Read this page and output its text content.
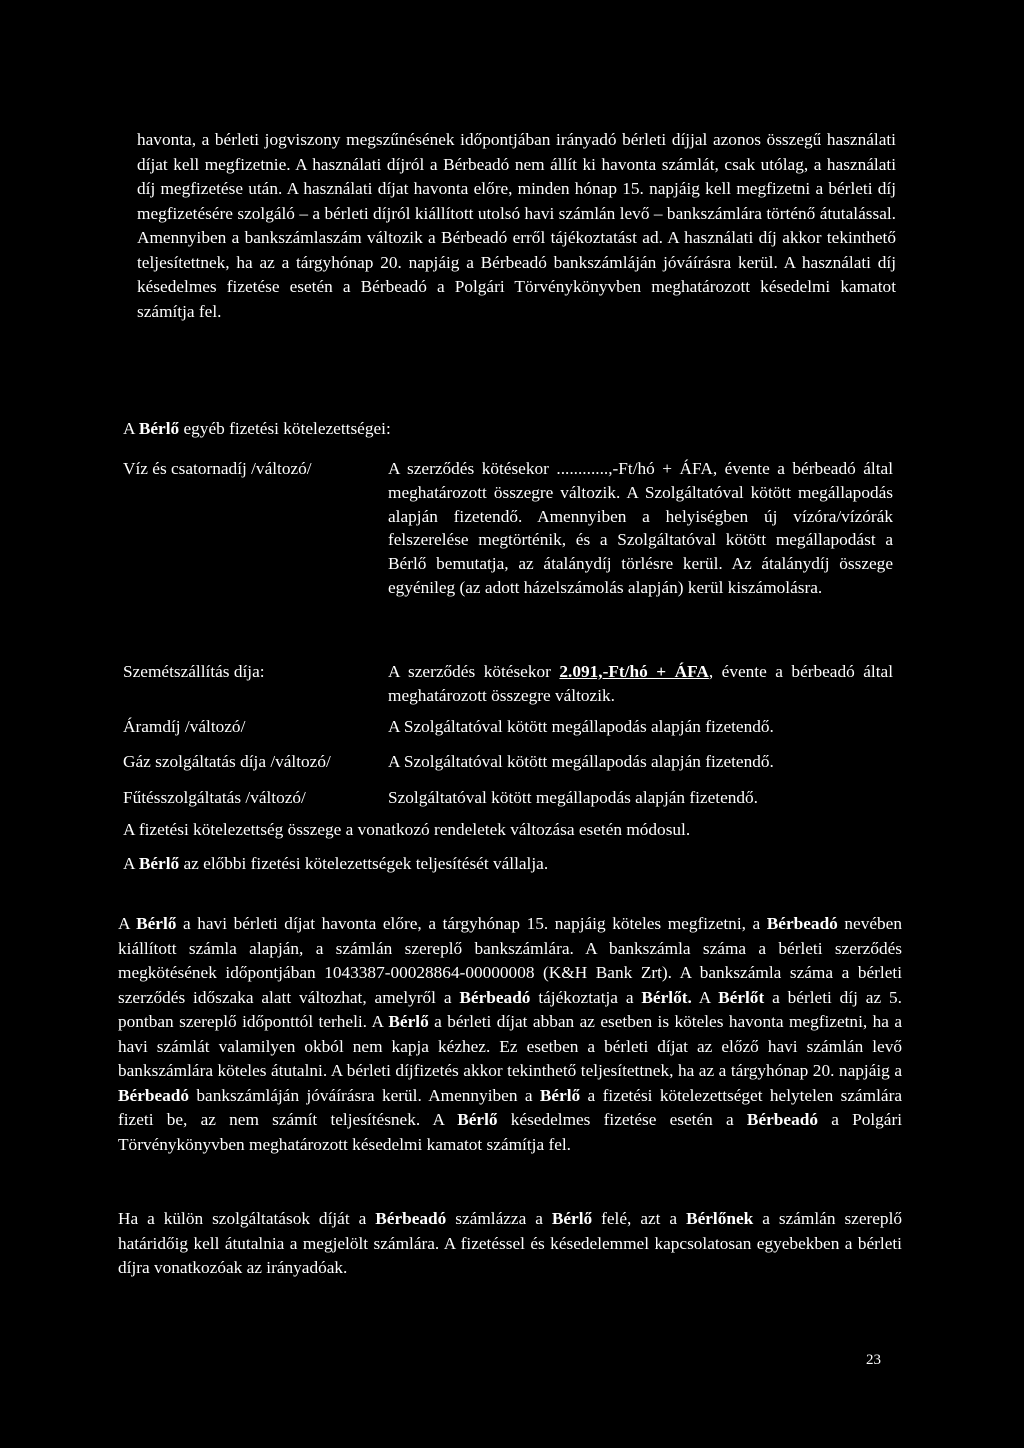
havonta, a bérleti jogviszony megszűnésének időpontjában irányadó bérleti díjjal azonos összegű használati díjat kell megfizetnie. A használati díjról a Bérbeadó nem állít ki havonta számlát, csak utólag, a használati díj megfizetése után. A használati díjat havonta előre, minden hónap 15. napjáig kell megfizetni a bérleti díj megfizetésére szolgáló – a bérleti díjról kiállított utolsó havi számlán levő – bankszámlára történő átutalással. Amennyiben a bankszámlaszám változik a Bérbeadó erről tájékoztatást ad. A használati díj akkor tekinthető teljesítettnek, ha az a tárgyhónap 20. napjáig a Bérbeadó bankszámláján jóváírásra kerül. A használati díj késedelmes fizetése esetén a Bérbeadó a Polgári Törvénykönyvben meghatározott késedelmi kamatot számítja fel.

A Bérlő egyéb fizetési kötelezettségei:

Víz és csatornadíj /változó/	A szerződés kötésekor ............,-Ft/hó + ÁFA, évente a bérbeadó által meghatározott összegre változik. A Szolgáltatóval kötött megállapodás alapján fizetendő. Amennyiben a helyiségben új vízóra/vízórák felszerelése megtörténik, és a Szolgáltatóval kötött megállapodást a Bérlő bemutatja, az átalánydíj törlésre kerül. Az átalánydíj összege egyénileg (az adott házelszámolás alapján) kerül kiszámolásra.
Szemétszállítás díja:	A szerződés kötésekor 2.091,-Ft/hó + ÁFA, évente a bérbeadó által meghatározott összegre változik.
Áramdíj /változó/	A Szolgáltatóval kötött megállapodás alapján fizetendő.
Gáz szolgáltatás díja /változó/	A Szolgáltatóval kötött megállapodás alapján fizetendő.
Fűtésszolgáltatás /változó/	Szolgáltatóval kötött megállapodás alapján fizetendő.
A fizetési kötelezettség összege a vonatkozó rendeletek változása esetén módosul.
A Bérlő az előbbi fizetési kötelezettségek teljesítését vállalja.

A Bérlő a havi bérleti díjat havonta előre, a tárgyhónap 15. napjáig köteles megfizetni, a Bérbeadó nevében kiállított számla alapján, a számlán szereplő bankszámlára. A bankszámla száma a bérleti szerződés megkötésének időpontjában 1043387-00028864-00000008 (K&H Bank Zrt). A bankszámla száma a bérleti szerződés időszaka alatt változhat, amelyről a Bérbeadó tájékoztatja a Bérlőt. A Bérlőt a bérleti díj az 5. pontban szereplő időponttól terheli. A Bérlő a bérleti díjat abban az esetben is köteles havonta megfizetni, ha a havi számlát valamilyen okból nem kapja kézhez. Ez esetben a bérleti díjat az előző havi számlán levő bankszámlára köteles átutalni. A bérleti díjfizetés akkor tekinthető teljesítettnek, ha az a tárgyhónap 20. napjáig a Bérbeadó bankszámláján jóváírásra kerül. Amennyiben a Bérlő a fizetési kötelezettséget helytelen számlára fizeti be, az nem számít teljesítésnek. A Bérlő késedelmes fizetése esetén a Bérbeadó a Polgári Törvénykönyvben meghatározott késedelmi kamatot számítja fel.

Ha a külön szolgáltatások díját a Bérbeadó számlázza a Bérlő felé, azt a Bérlőnek a számlán szereplő határidőig kell átutalnia a megjelölt számlára. A fizetéssel és késedelemmel kapcsolatosan egyebekben a bérleti díjra vonatkozóak az irányadóak.

23
